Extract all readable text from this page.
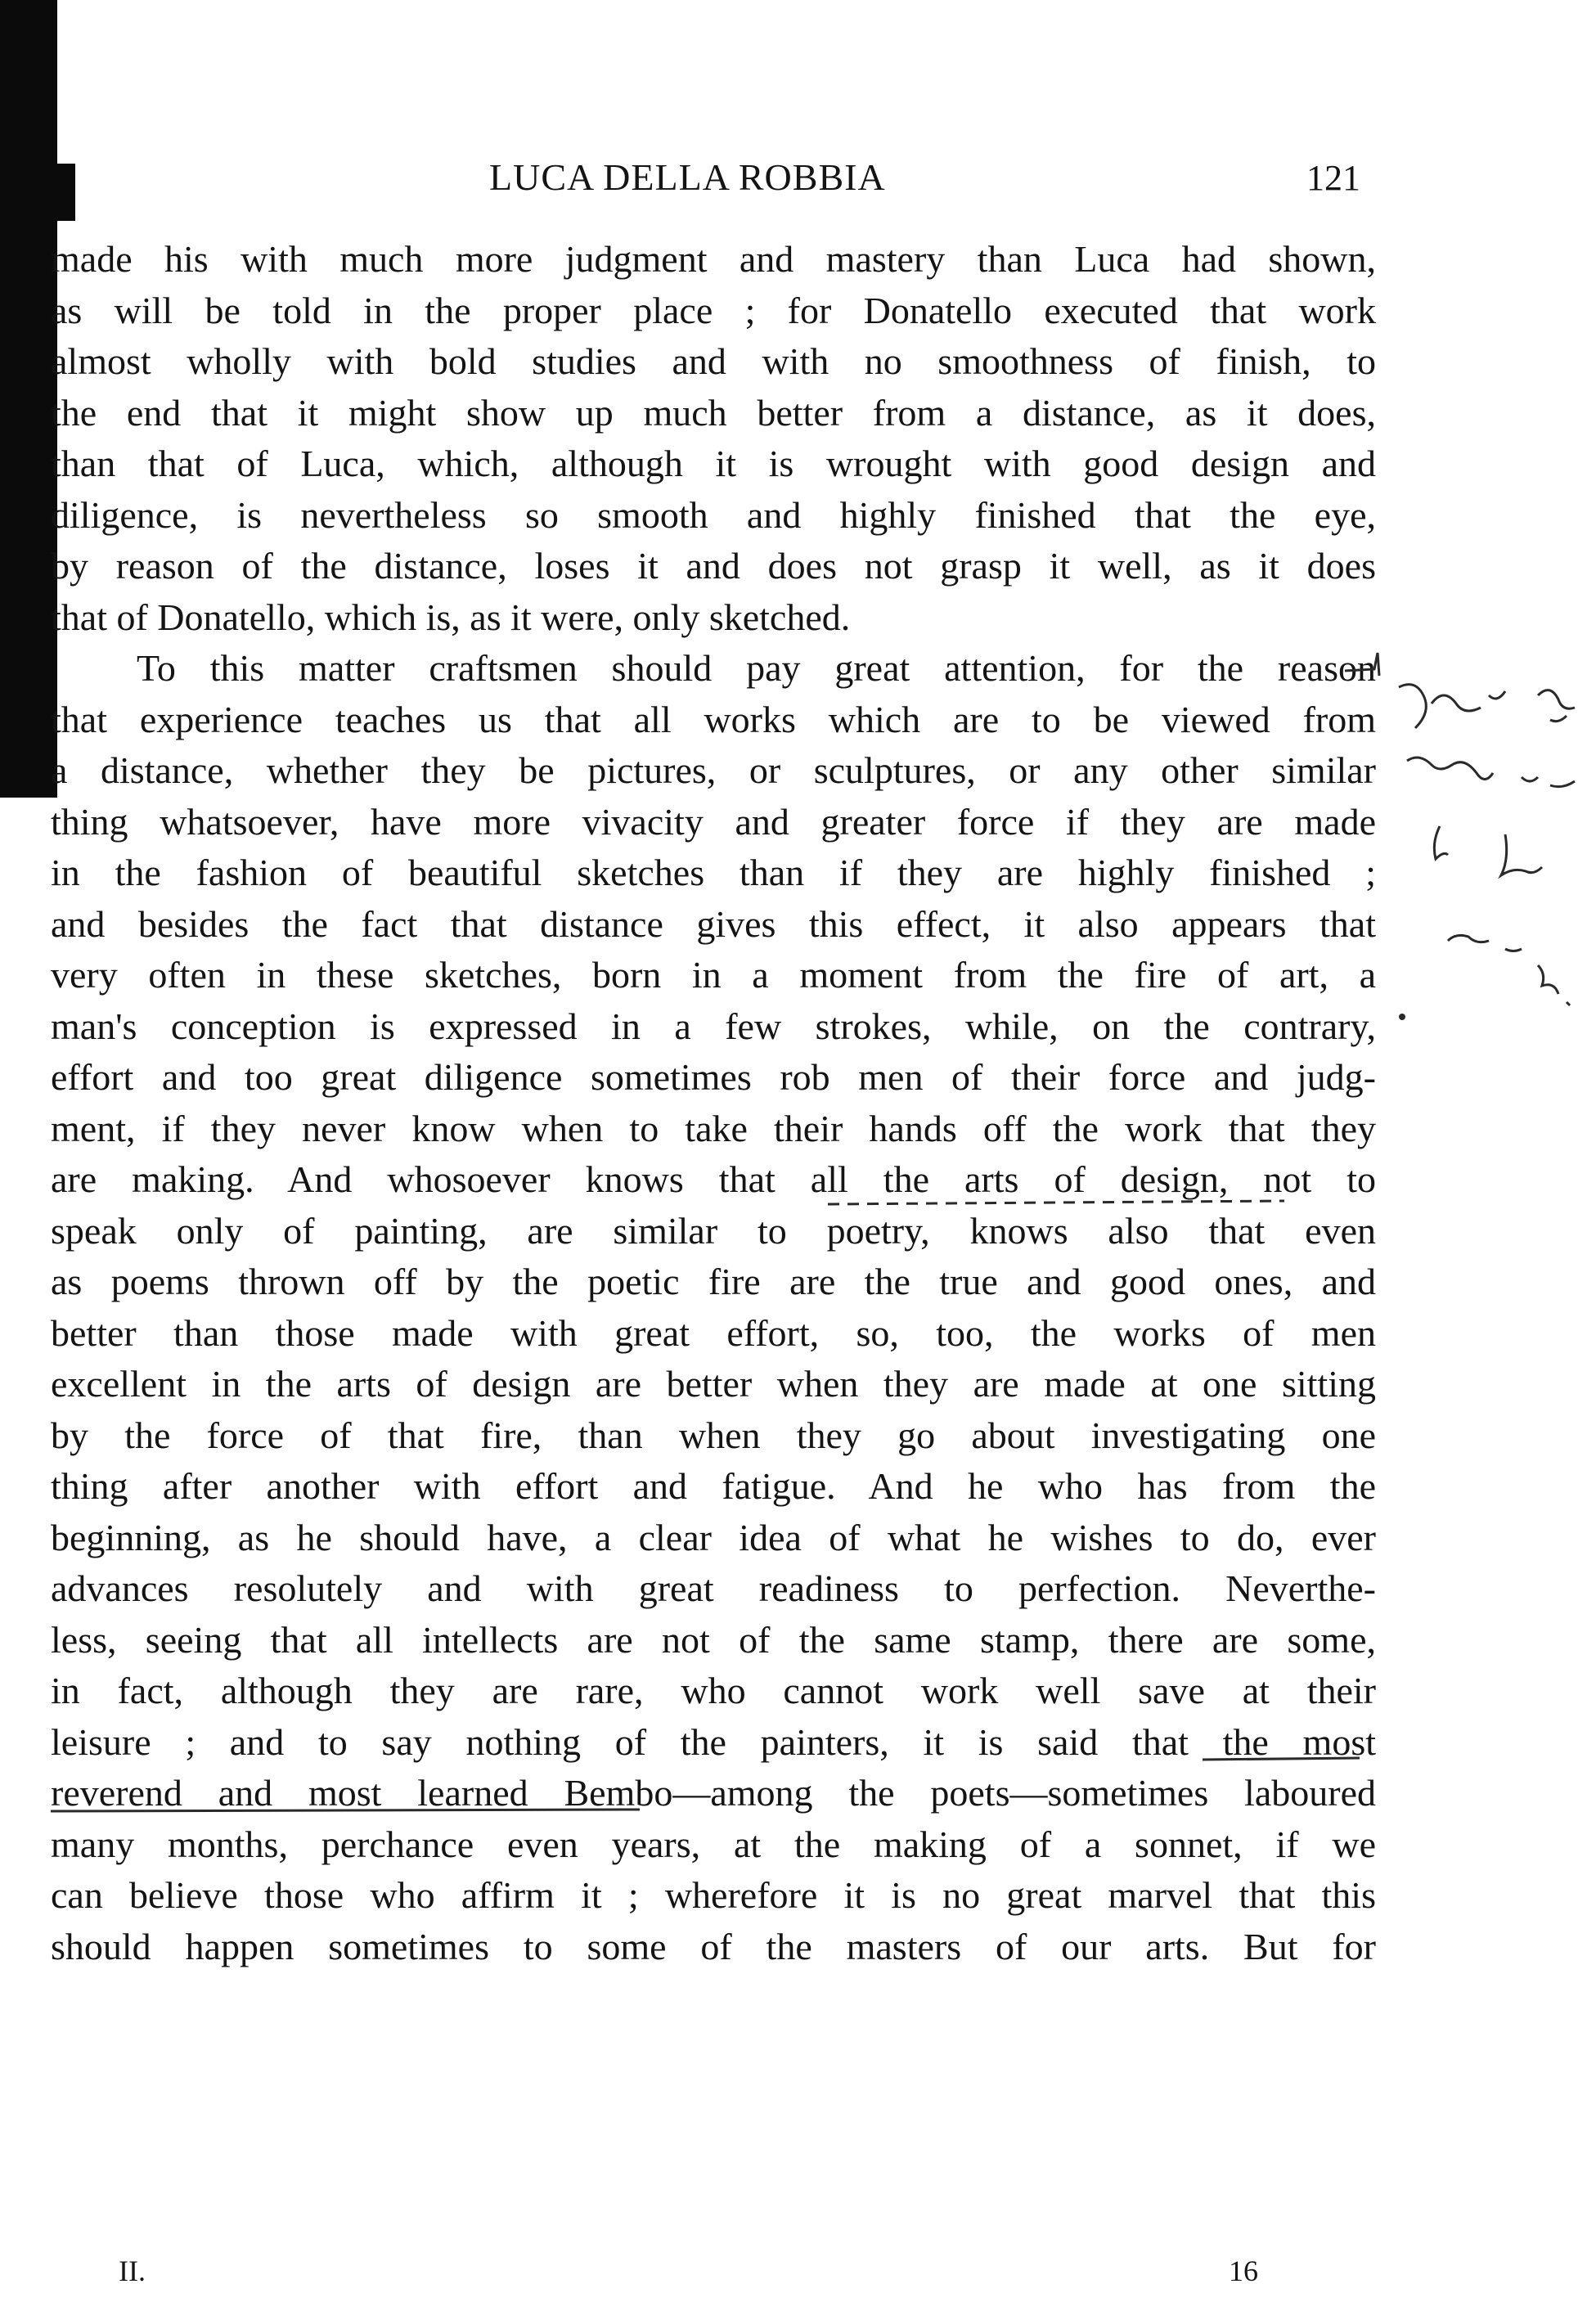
LUCA DELLA ROBBIA	121
made his with much more judgment and mastery than Luca had shown,
as will be told in the proper place ; for Donatello executed that work
almost wholly with bold studies and with no smoothness of finish, to
the end that it might show up much better from a distance, as it does,
than that of Luca, which, although it is wrought with good design and
diligence, is nevertheless so smooth and highly finished that the eye,
by reason of the distance, loses it and does not grasp it well, as it does
that of Donatello, which is, as it were, only sketched.
To this matter craftsmen should pay great attention, for the reason
that experience teaches us that all works which are to be viewed from
a distance, whether they be pictures, or sculptures, or any other similar
thing whatsoever, have more vivacity and greater force if they are made
in the fashion of beautiful sketches than if they are highly finished ;
and besides the fact that distance gives this effect, it also appears that
very often in these sketches, born in a moment from the fire of art, a
man's conception is expressed in a few strokes, while, on the contrary,
effort and too great diligence sometimes rob men of their force and judg-
ment, if they never know when to take their hands off the work that they
are making. And whosoever knows that all the arts of design, not to
speak only of painting, are similar to poetry, knows also that even
as poems thrown off by the poetic fire are the true and good ones, and
better than those made with great effort, so, too, the works of men
excellent in the arts of design are better when they are made at one sitting
by the force of that fire, than when they go about investigating one
thing after another with effort and fatigue. And he who has from the
beginning, as he should have, a clear idea of what he wishes to do, ever
advances resolutely and with great readiness to perfection. Neverthe-
less, seeing that all intellects are not of the same stamp, there are some,
in fact, although they are rare, who cannot work well save at their
leisure ; and to say nothing of the painters, it is said that the most
reverend and most learned Bembo—among the poets—sometimes laboured
many months, perchance even years, at the making of a sonnet, if we
can believe those who affirm it ; wherefore it is no great marvel that this
should happen sometimes to some of the masters of our arts. But for
II.	16
